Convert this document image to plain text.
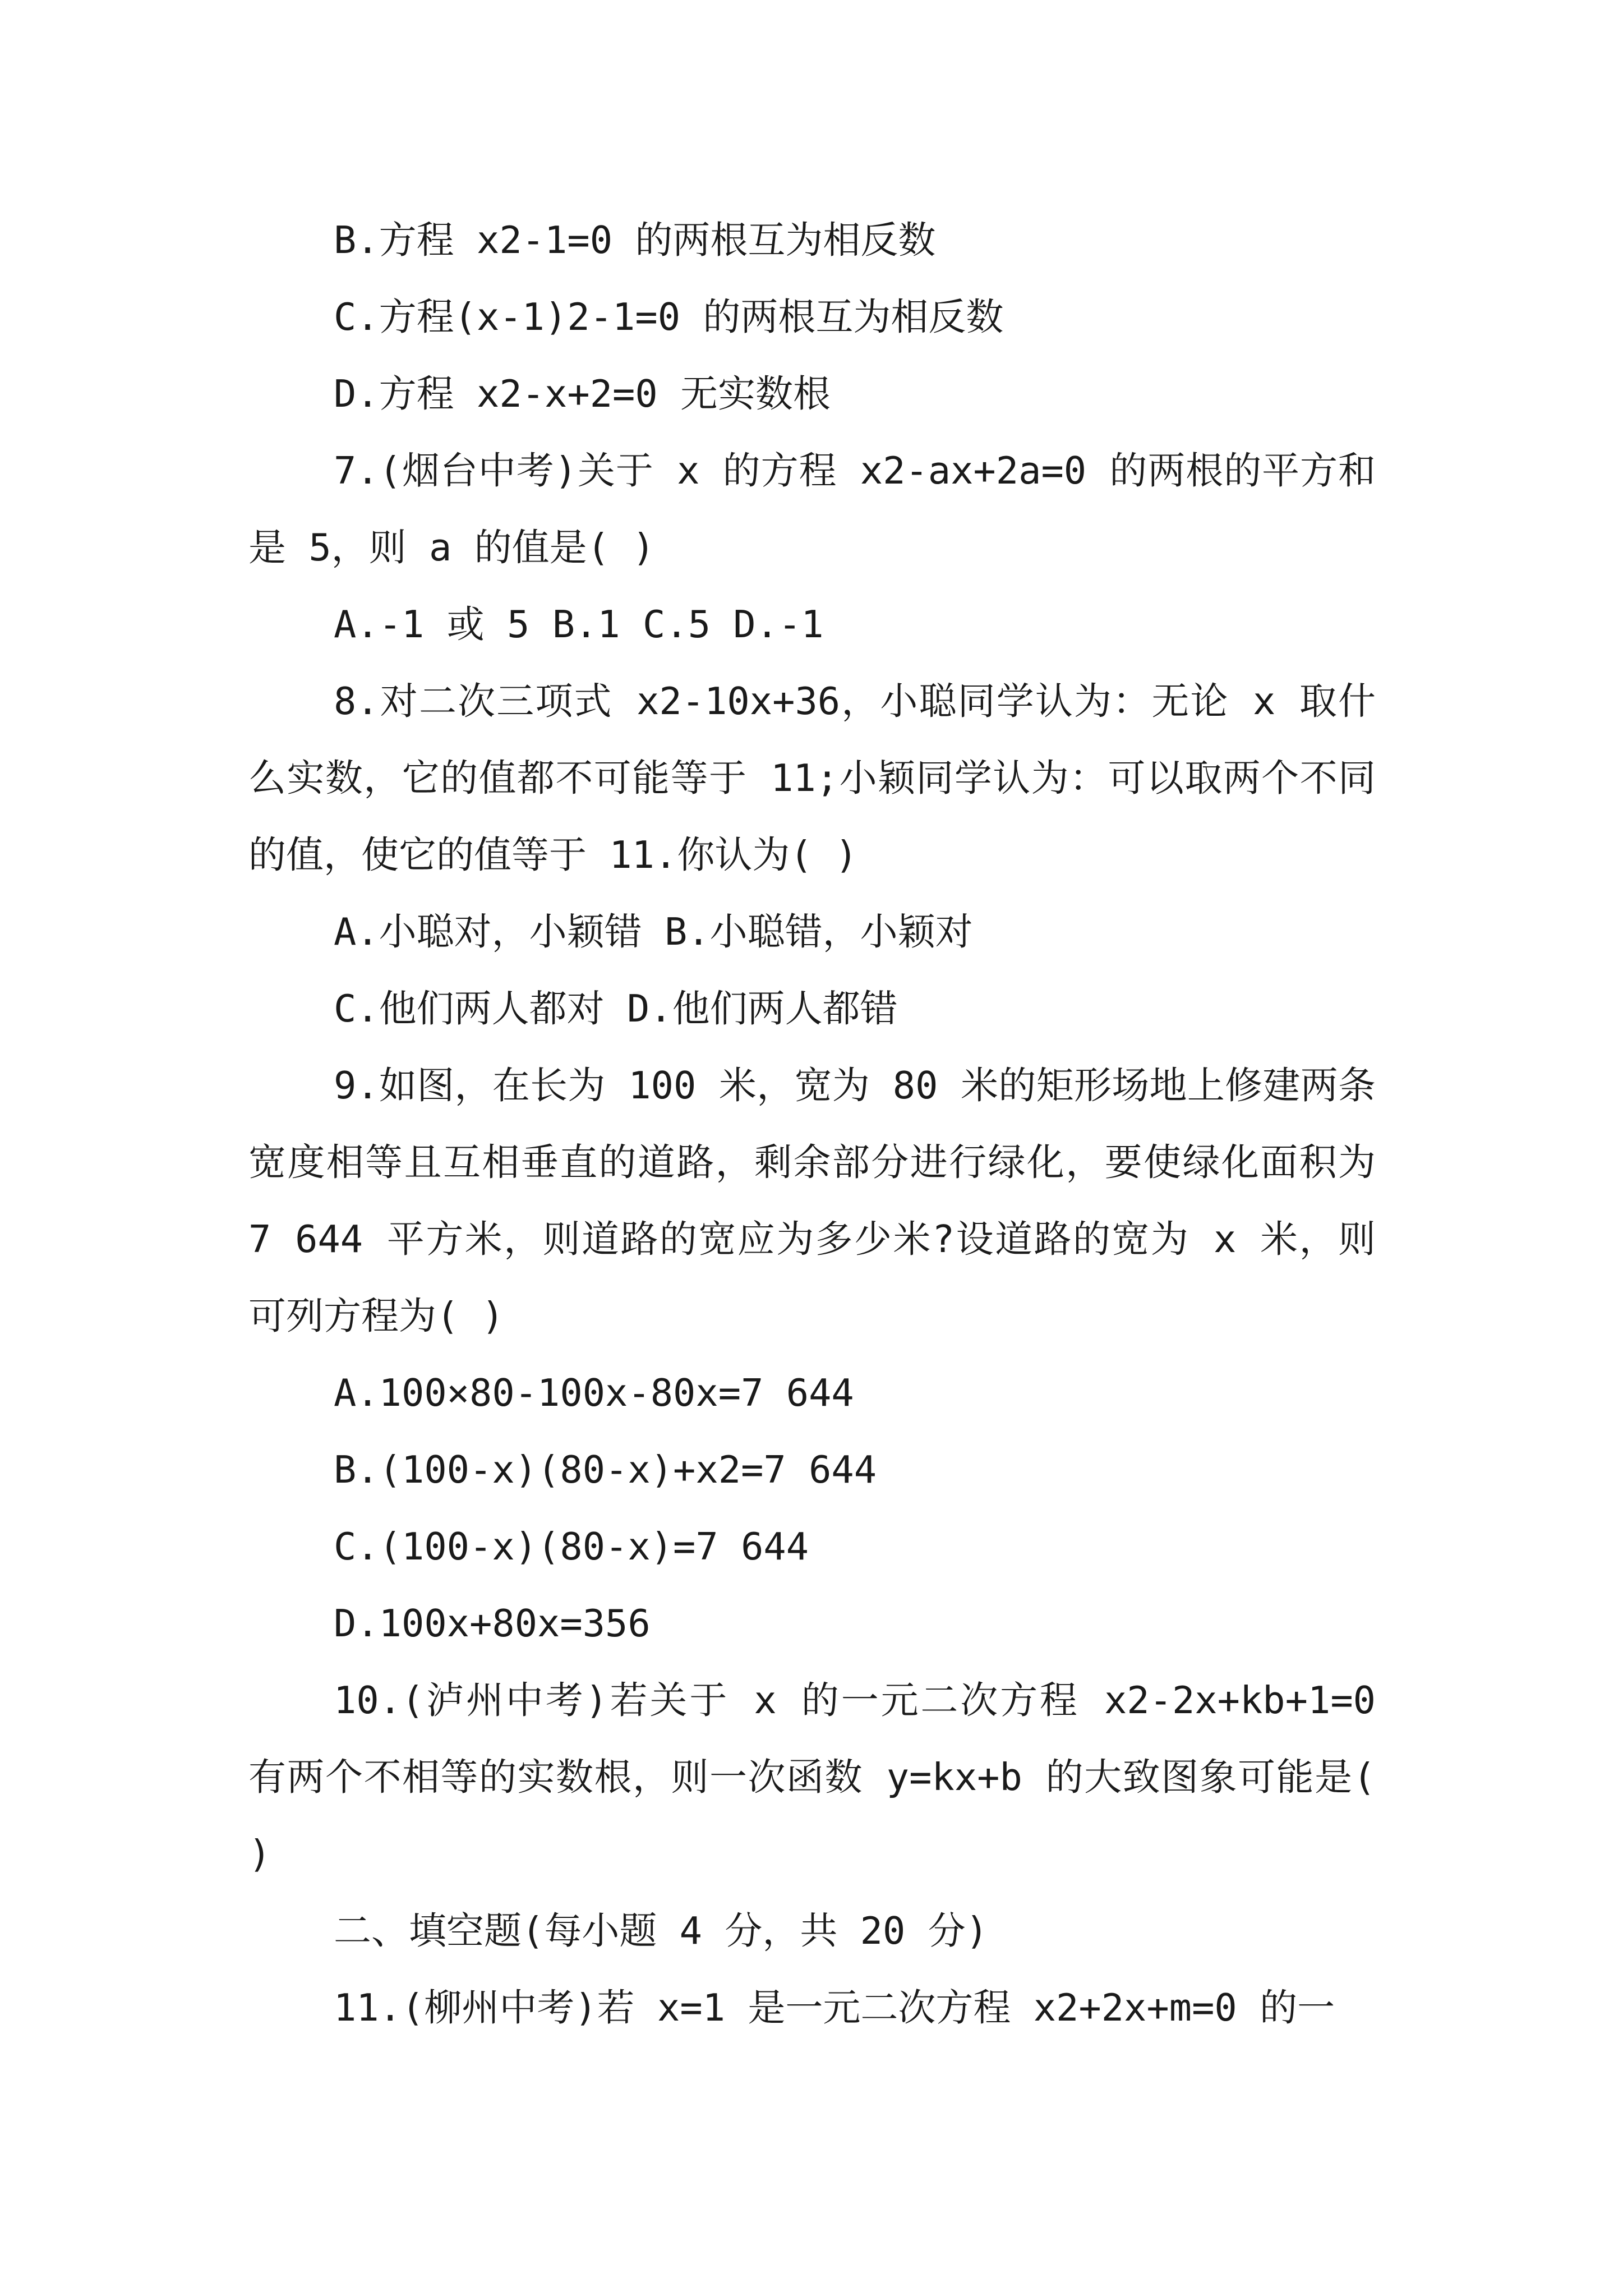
B.方程 x2-1=0 的两根互为相反数

C.方程(x-1)2-1=0 的两根互为相反数

D.方程 x2-x+2=0 无实数根

7.(烟台中考)关于 x 的方程 x2-ax+2a=0 的两根的平方和是 5，则 a 的值是( )

A.-1 或 5 B.1 C.5 D.-1

8.对二次三项式 x2-10x+36，小聪同学认为：无论 x 取什么实数，它的值都不可能等于 11;小颖同学认为：可以取两个不同的值，使它的值等于 11.你认为( )

A.小聪对，小颖错 B.小聪错，小颖对

C.他们两人都对 D.他们两人都错

9.如图，在长为 100 米，宽为 80 米的矩形场地上修建两条宽度相等且互相垂直的道路，剩余部分进行绿化，要使绿化面积为 7 644 平方米，则道路的宽应为多少米?设道路的宽为 x 米，则可列方程为( )

A.100×80-100x-80x=7 644

B.(100-x)(80-x)+x2=7 644

C.(100-x)(80-x)=7 644

D.100x+80x=356

10.(泸州中考)若关于 x 的一元二次方程 x2-2x+kb+1=0 有两个不相等的实数根，则一次函数 y=kx+b 的大致图象可能是( )

二、填空题(每小题 4 分，共 20 分)

11.(柳州中考)若 x=1 是一元二次方程 x2+2x+m=0 的一
